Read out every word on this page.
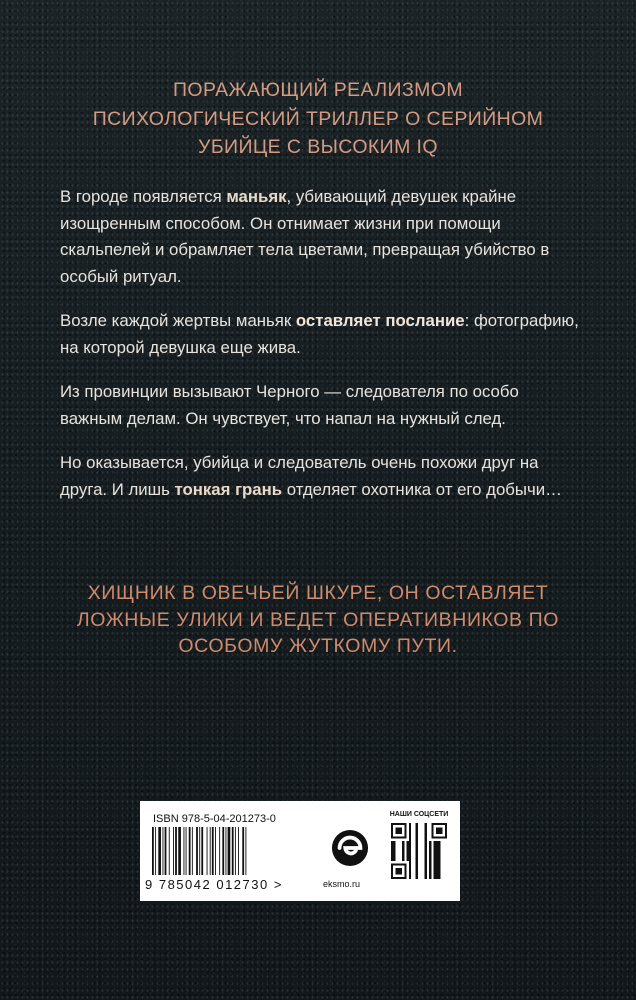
ПОРАЖАЮЩИЙ РЕАЛИЗМОМ
ПСИХОЛОГИЧЕСКИЙ ТРИЛЛЕР О СЕРИЙНОМ
УБИЙЦЕ С ВЫСОКИМ IQ

В городе появляется маньяк, убивающий девушек крайне изощренным способом. Он отнимает жизни при помощи скальпелей и обрамляет тела цветами, превращая убийство в особый ритуал.

Возле каждой жертвы маньяк оставляет послание: фотографию, на которой девушка еще жива.

Из провинции вызывают Черного — следователя по особо важным делам. Он чувствует, что напал на нужный след.

Но оказывается, убийца и следователь очень похожи друг на друга. И лишь тонкая грань отделяет охотника от его добычи…

ХИЩНИК В ОВЕЧЬЕЙ ШКУРЕ, ОН ОСТАВЛЯЕТ
ЛОЖНЫЕ УЛИКИ И ВЕДЕТ ОПЕРАТИВНИКОВ ПО
ОСОБОМУ ЖУТКОМУ ПУТИ.
ISBN 978-5-04-201273-0
9 785042 012730 >	eksmo.ru
НАШИ СОЦСЕТИ
